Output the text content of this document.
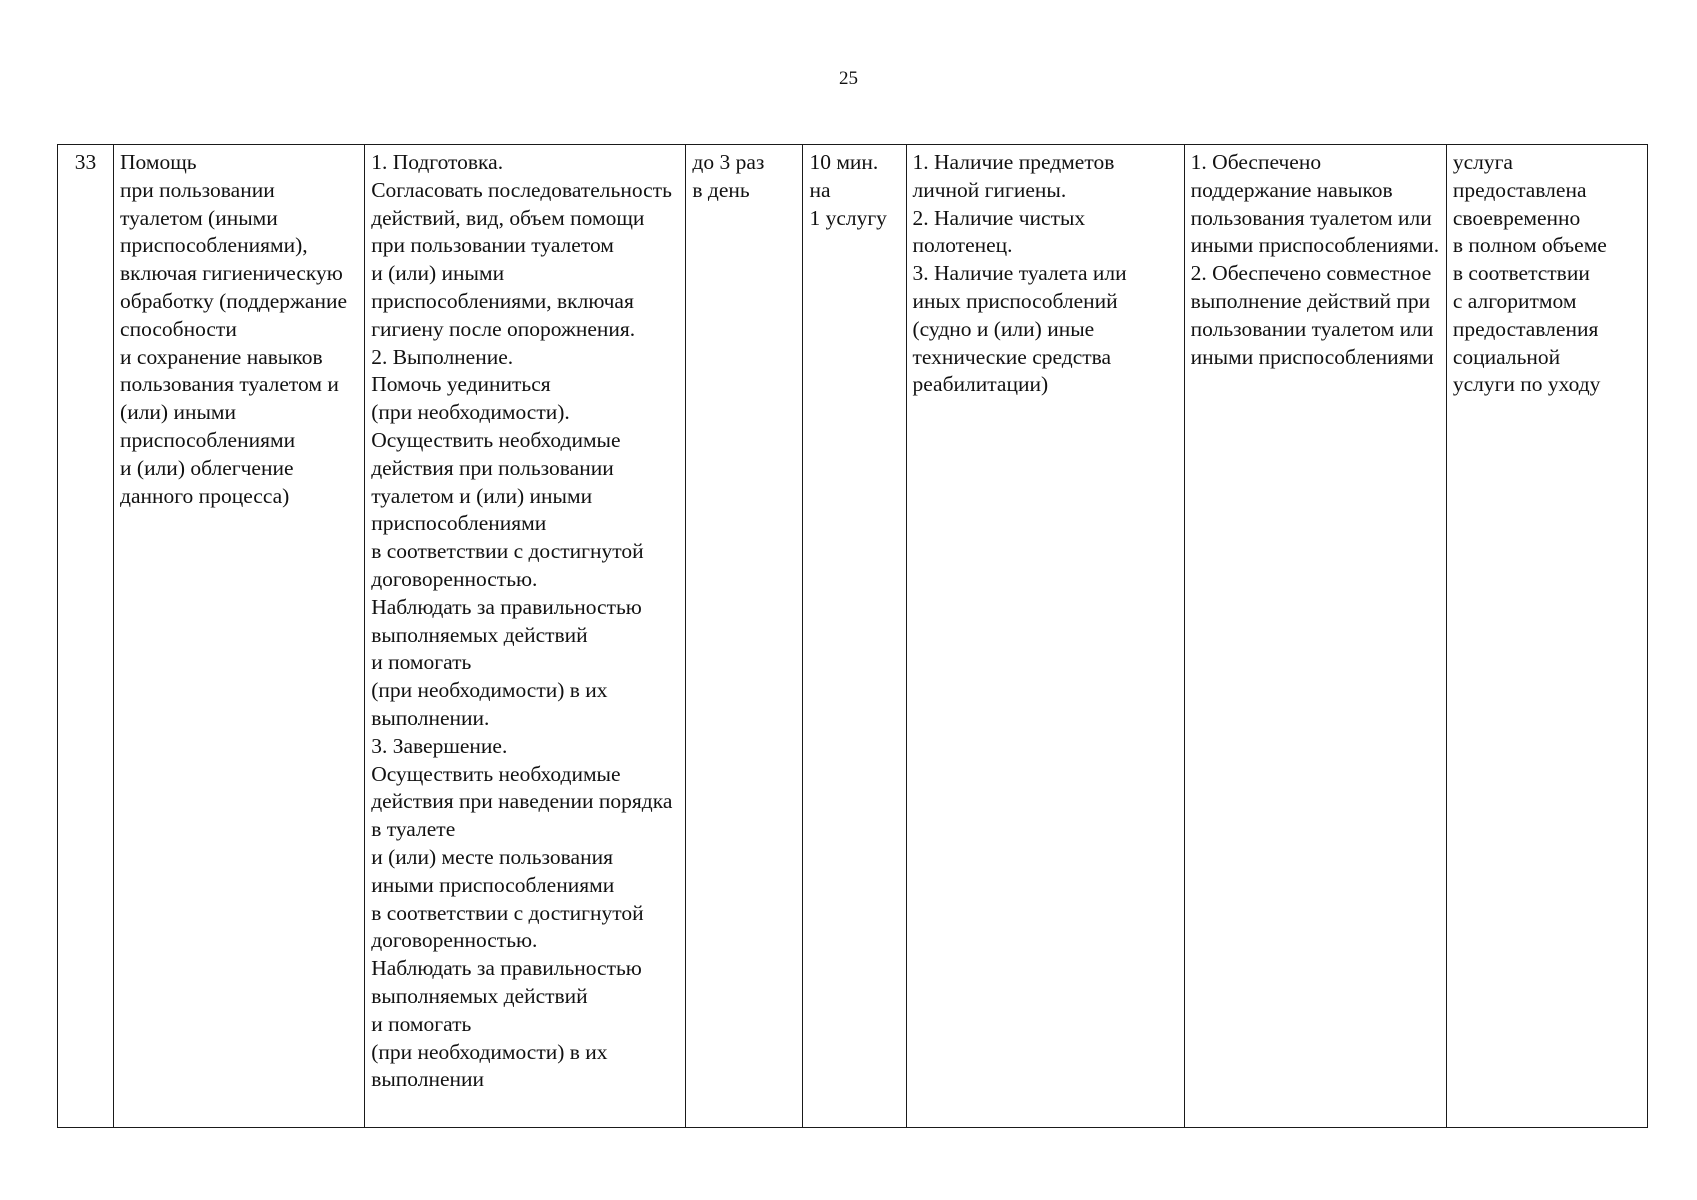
25
33	Помощь
при пользовании туалетом (иными приспособлениями), включая гигиеническую обработку (поддержание способности
и сохранение навыков пользования туалетом и (или) иными приспособлениями
и (или) облегчение данного процесса)	1. Подготовка.
Согласовать последовательность действий, вид, объем помощи при пользовании туалетом
и (или) иными приспособлениями, включая гигиену после опорожнения.
2. Выполнение.
Помочь уединиться
(при необходимости).
Осуществить необходимые действия при пользовании туалетом и (или) иными приспособлениями
в соответствии с достигнутой договоренностью.
Наблюдать за правильностью выполняемых действий
и помогать
(при необходимости) в их выполнении.
3. Завершение.
Осуществить необходимые действия при наведении порядка в туалете
и (или) месте пользования иными приспособлениями
в соответствии с достигнутой договоренностью.
Наблюдать за правильностью выполняемых действий
и помогать
(при необходимости) в их выполнении	до 3 раз
в день	10 мин.
на
1 услугу	1. Наличие предметов личной гигиены.
2. Наличие чистых полотенец.
3. Наличие туалета или иных приспособлений (судно и (или) иные технические средства реабилитации)	1. Обеспечено поддержание навыков пользования туалетом или иными приспособлениями.
2. Обеспечено совместное выполнение действий при пользовании туалетом или иными приспособлениями	услуга предоставлена своевременно
в полном объеме
в соответствии
с алгоритмом предоставления социальной
услуги по уходу
